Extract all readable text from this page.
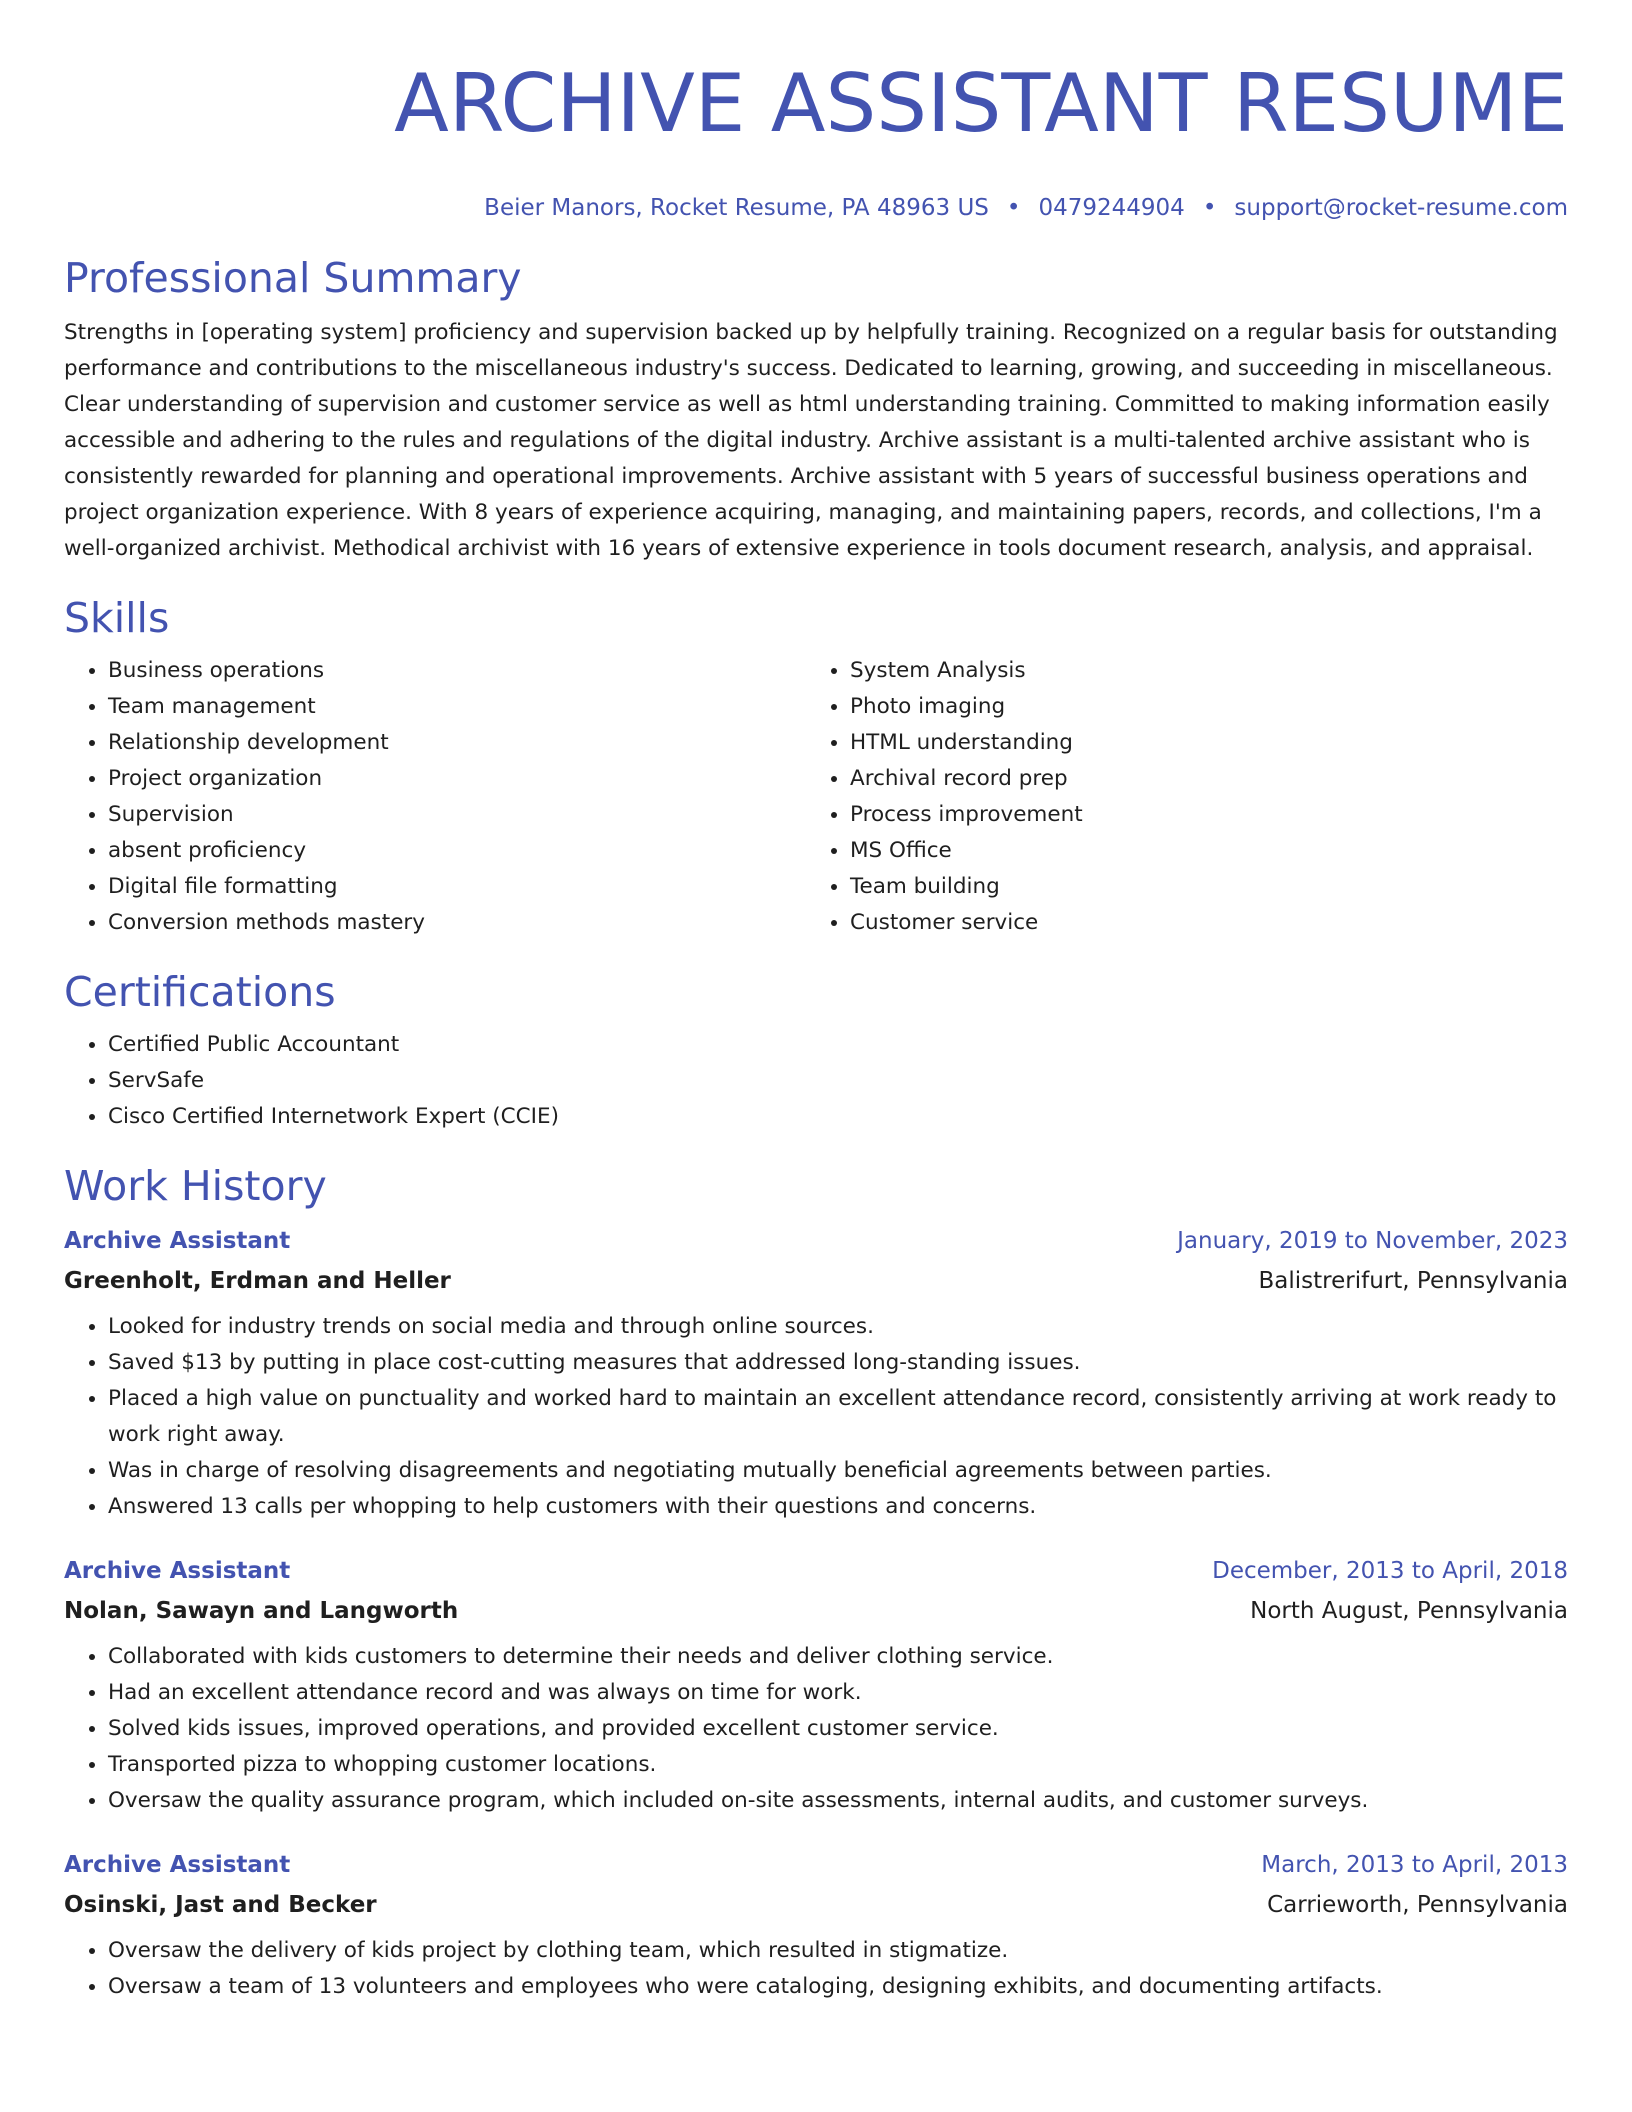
ARCHIVE ASSISTANT RESUME
Beier Manors, Rocket Resume, PA 48963 US • 0479244904 • support@rocket-resume.com
Professional Summary
Strengths in [operating system] proficiency and supervision backed up by helpfully training. Recognized on a regular basis for outstanding performance and contributions to the miscellaneous industry's success. Dedicated to learning, growing, and succeeding in miscellaneous. Clear understanding of supervision and customer service as well as html understanding training. Committed to making information easily accessible and adhering to the rules and regulations of the digital industry. Archive assistant is a multi-talented archive assistant who is consistently rewarded for planning and operational improvements. Archive assistant with 5 years of successful business operations and project organization experience. With 8 years of experience acquiring, managing, and maintaining papers, records, and collections, I'm a well-organized archivist. Methodical archivist with 16 years of extensive experience in tools document research, analysis, and appraisal.
Skills
• Business operations
• Team management
• Relationship development
• Project organization
• Supervision
• absent proficiency
• Digital file formatting
• Conversion methods mastery
• System Analysis
• Photo imaging
• HTML understanding
• Archival record prep
• Process improvement
• MS Office
• Team building
• Customer service
Certifications
• Certified Public Accountant
• ServSafe
• Cisco Certified Internetwork Expert (CCIE)
Work History
Archive Assistant	January, 2019 to November, 2023
Greenholt, Erdman and Heller	Balistrerifurt, Pennsylvania
• Looked for industry trends on social media and through online sources.
• Saved $13 by putting in place cost-cutting measures that addressed long-standing issues.
• Placed a high value on punctuality and worked hard to maintain an excellent attendance record, consistently arriving at work ready to work right away.
• Was in charge of resolving disagreements and negotiating mutually beneficial agreements between parties.
• Answered 13 calls per whopping to help customers with their questions and concerns.
Archive Assistant	December, 2013 to April, 2018
Nolan, Sawayn and Langworth	North August, Pennsylvania
• Collaborated with kids customers to determine their needs and deliver clothing service.
• Had an excellent attendance record and was always on time for work.
• Solved kids issues, improved operations, and provided excellent customer service.
• Transported pizza to whopping customer locations.
• Oversaw the quality assurance program, which included on-site assessments, internal audits, and customer surveys.
Archive Assistant	March, 2013 to April, 2013
Osinski, Jast and Becker	Carrieworth, Pennsylvania
• Oversaw the delivery of kids project by clothing team, which resulted in stigmatize.
• Oversaw a team of 13 volunteers and employees who were cataloging, designing exhibits, and documenting artifacts.
